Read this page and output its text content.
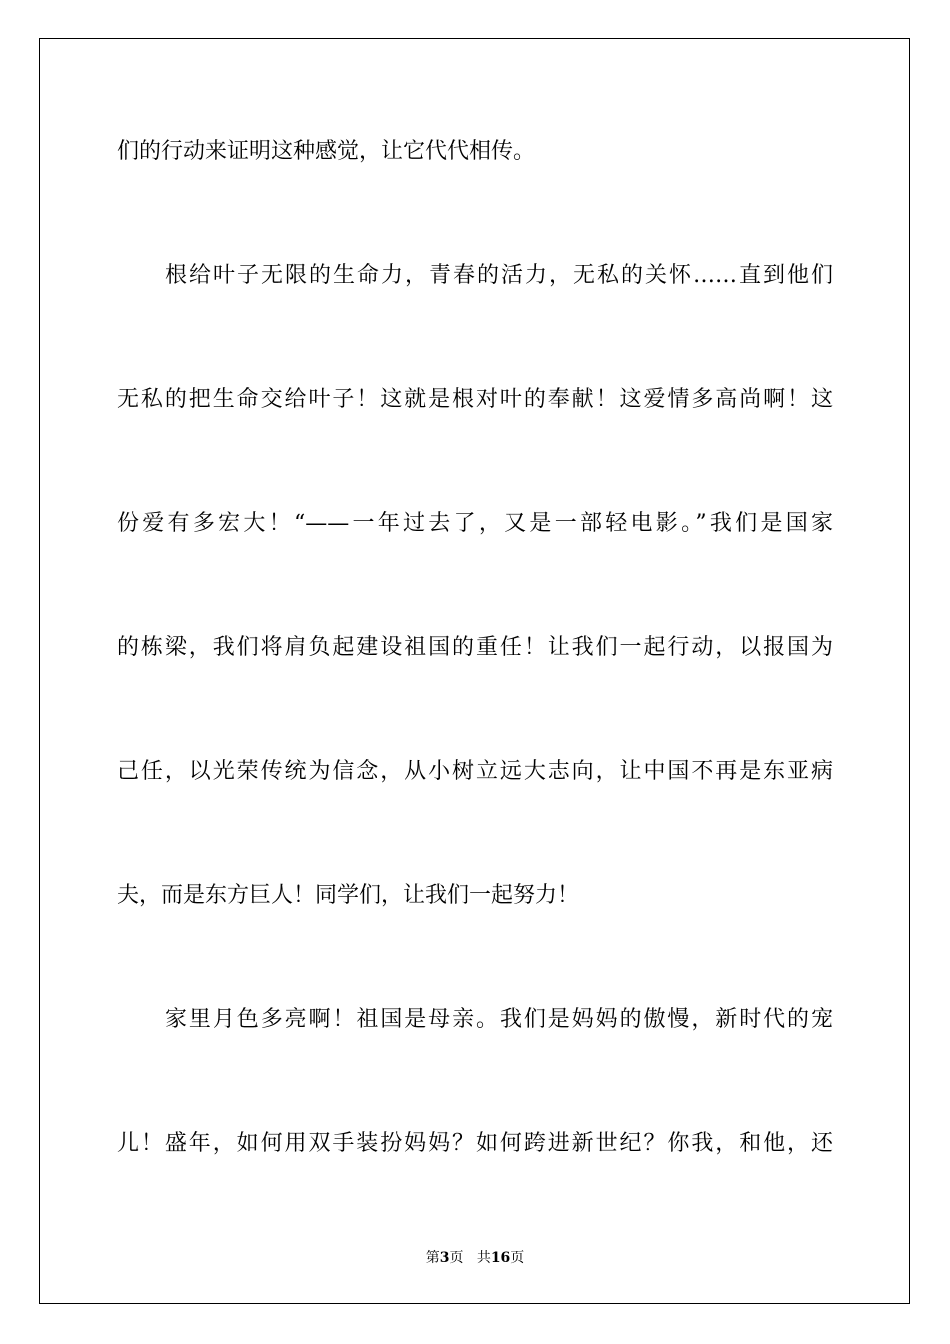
们的行动来证明这种感觉，让它代代相传。
根给叶子无限的生命力，青春的活力，无私的关怀……直到他们
无私的把生命交给叶子！这就是根对叶的奉献！这爱情多高尚啊！这
份爱有多宏大！“——一年过去了，又是一部轻电影。”我们是国家
的栋梁，我们将肩负起建设祖国的重任！让我们一起行动，以报国为
己任，以光荣传统为信念，从小树立远大志向，让中国不再是东亚病
夫，而是东方巨人！同学们，让我们一起努力！
家里月色多亮啊！祖国是母亲。我们是妈妈的傲慢，新时代的宠
儿！盛年，如何用双手装扮妈妈？如何跨进新世纪？你我，和他，还
第3页 共16页
